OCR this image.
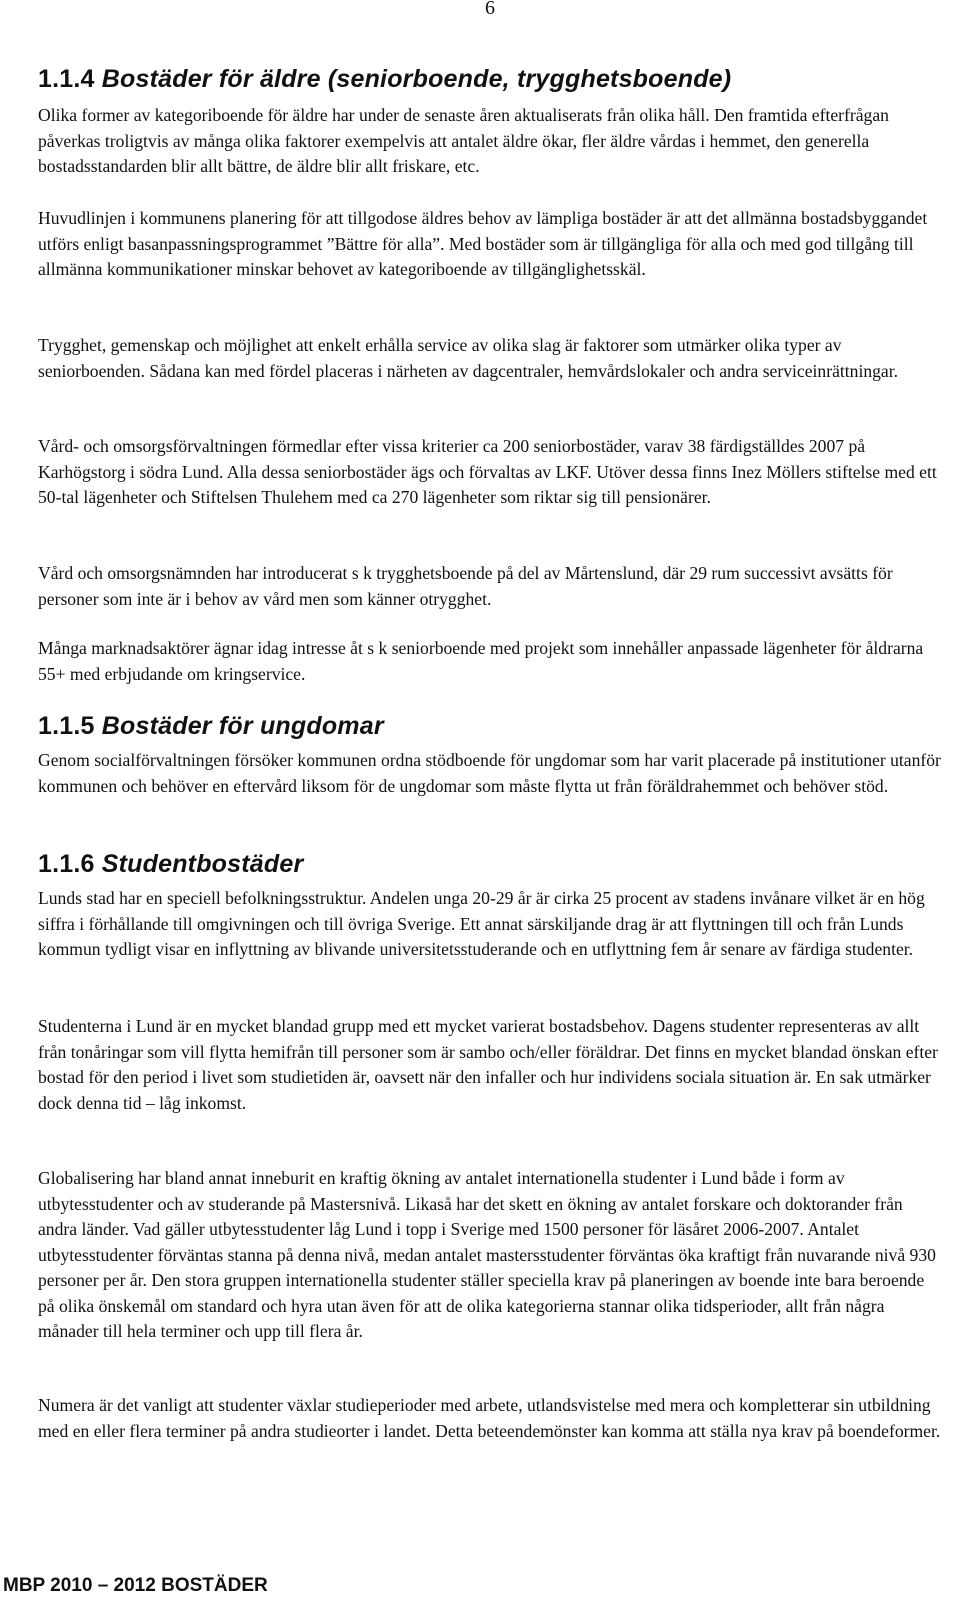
6
1.1.4 Bostäder för äldre (seniorboende, trygghetsboende)

Olika former av kategoriboende för äldre har under de senaste åren aktualiserats från olika håll. Den framtida efterfrågan påverkas troligtvis av många olika faktorer exempelvis att antalet äldre ökar, fler äldre vårdas i hemmet, den generella bostadsstandarden blir allt bättre, de äldre blir allt friskare, etc.

Huvudlinjen i kommunens planering för att tillgodose äldres behov av lämpliga bostäder är att det allmänna bostadsbyggandet utförs enligt basanpassningsprogrammet ”Bättre för alla”. Med bostäder som är tillgängliga för alla och med god tillgång till allmänna kommunikationer minskar behovet av kategoriboende av tillgänglighetsskäl.

Trygghet, gemenskap och möjlighet att enkelt erhålla service av olika slag är faktorer som utmärker olika typer av seniorboenden. Sådana kan med fördel placeras i närheten av dagcentraler, hemvårdslokaler och andra serviceinrättningar.

Vård- och omsorgsförvaltningen förmedlar efter vissa kriterier ca 200 seniorbostäder, varav 38 färdigställdes 2007 på Karhögstorg i södra Lund. Alla dessa seniorbostäder ägs och förvaltas av LKF. Utöver dessa finns Inez Möllers stiftelse med ett 50-tal lägenheter och Stiftelsen Thulehem med ca 270 lägenheter som riktar sig till pensionärer.

Vård och omsorgsnämnden har introducerat s k trygghetsboende på del av Mårtenslund, där 29 rum successivt avsätts för personer som inte är i behov av vård men som känner otrygghet.

Många marknadsaktörer ägnar idag intresse åt s k seniorboende med projekt som innehåller anpassade lägenheter för åldrarna 55+ med erbjudande om kringservice.

1.1.5 Bostäder för ungdomar

Genom socialförvaltningen försöker kommunen ordna stödboende för ungdomar som har varit placerade på institutioner utanför kommunen och behöver en eftervård liksom för de ungdomar som måste flytta ut från föräldrahemmet och behöver stöd.

1.1.6 Studentbostäder

Lunds stad har en speciell befolkningsstruktur. Andelen unga 20-29 år är cirka 25 procent av stadens invånare vilket är en hög siffra i förhållande till omgivningen och till övriga Sverige. Ett annat särskiljande drag är att flyttningen till och från Lunds kommun tydligt visar en inflyttning av blivande universitetsstuderande och en utflyttning fem år senare av färdiga studenter.

Studenterna i Lund är en mycket blandad grupp med ett mycket varierat bostadsbehov. Dagens studenter representeras av allt från tonåringar som vill flytta hemifrån till personer som är sambo och/eller föräldrar. Det finns en mycket blandad önskan efter bostad för den period i livet som studietiden är, oavsett när den infaller och hur individens sociala situation är. En sak utmärker dock denna tid – låg inkomst.

Globalisering har bland annat inneburit en kraftig ökning av antalet internationella studenter i Lund både i form av utbytesstudenter och av studerande på Mastersnivå. Likaså har det skett en ökning av antalet forskare och doktorander från andra länder. Vad gäller utbytesstudenter låg Lund i topp i Sverige med 1500 personer för läsåret 2006-2007. Antalet utbytesstudenter förväntas stanna på denna nivå, medan antalet mastersstudenter förväntas öka kraftigt från nuvarande nivå 930 personer per år. Den stora gruppen internationella studenter ställer speciella krav på planeringen av boende inte bara beroende på olika önskemål om standard och hyra utan även för att de olika kategorierna stannar olika tidsperioder, allt från några månader till hela terminer och upp till flera år.

Numera är det vanligt att studenter växlar studieperioder med arbete, utlandsvistelse med mera och kompletterar sin utbildning med en eller flera terminer på andra studieorter i landet. Detta beteendemönster kan komma att ställa nya krav på boendeformer.

MBP 2010 – 2012 BOSTÄDER
